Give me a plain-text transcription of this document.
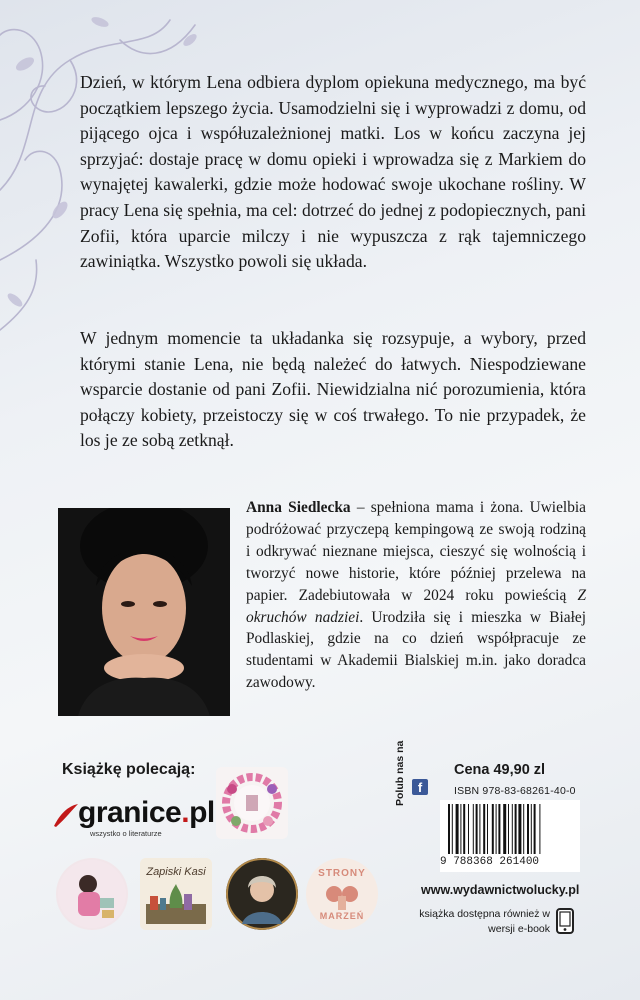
Dzień, w którym Lena odbiera dyplom opiekuna medycznego, ma być początkiem lepszego życia. Usamodzielni się i wyprowadzi z domu, od pijącego ojca i współuzależnionej matki. Los w końcu zaczyna jej sprzyjać: dostaje pracę w domu opieki i wprowadza się z Markiem do wynajętej kawalerki, gdzie może hodować swoje ukochane rośliny. W pracy Lena się spełnia, ma cel: dotrzeć do jednej z podopiecznych, pani Zofii, która uparcie milczy i nie wypuszcza z rąk tajemniczego zawiniątka. Wszystko powoli się układa.

W jednym momencie ta układanka się rozsypuje, a wybory, przed którymi stanie Lena, nie będą należeć do łatwych. Niespodziewane wsparcie dostanie od pani Zofii. Niewidzialna nić porozumienia, która połączy kobiety, przeistoczy się w coś trwałego. To nie przypadek, że los je ze sobą zetknął.

Anna Siedlecka – spełniona mama i żona. Uwielbia podróżować przyczepą kempingową ze swoją rodziną i odkrywać nieznane miejsca, cieszyć się wolnością i tworzyć nowe historie, które później przelewa na papier. Zadebiutowała w 2024 roku powieścią Z okruchów nadziei. Urodziła się i mieszka w Białej Podlaskiej, gdzie na co dzień współpracuje ze studentami w Akademii Bialskiej m.in. jako doradca zawodowy.

Książkę polecają:
granice.pl
wszystko o literaturze
Zapiski Kasi	STRONY
MARZEŃ
Cena 49,90 zl
f
Polub nas na	ISBN 978-83-68261-40-0
9 788368 261400
www.wydawnictwolucky.pl
książka dostępna również w wersji e-book
